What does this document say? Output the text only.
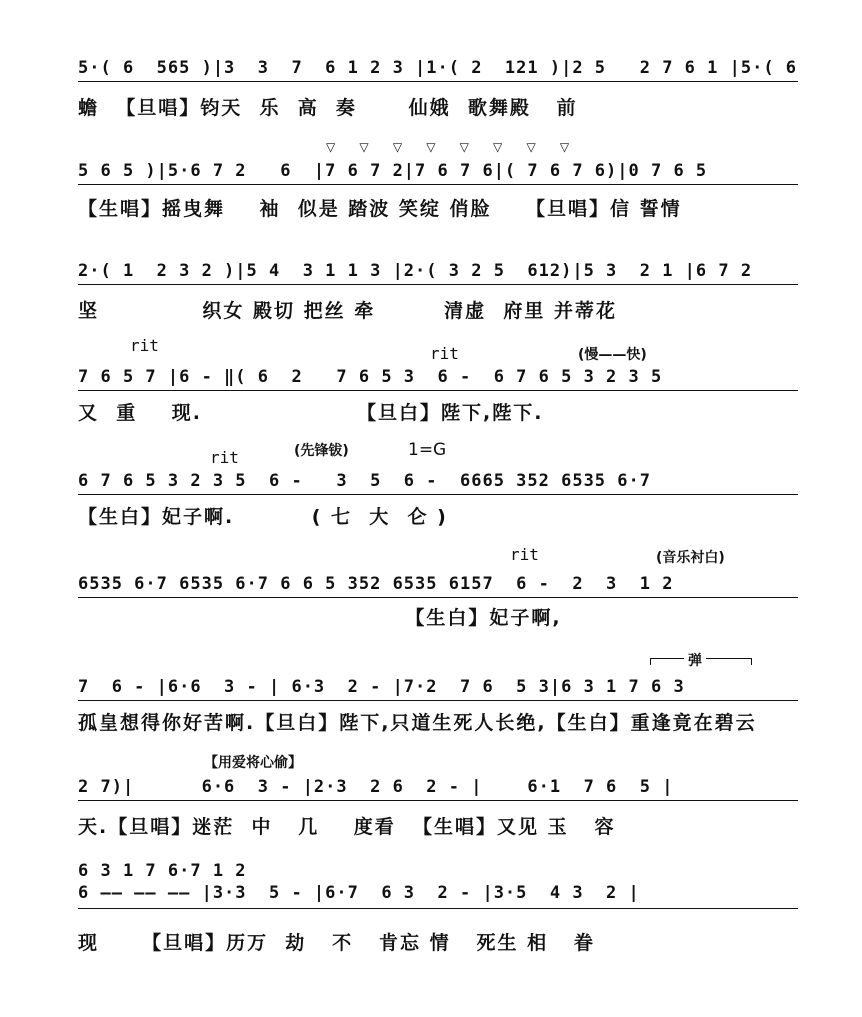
5·( 6  565 )|3  3  7  6 1 2 3 |1·( 2  121 )|2 5   2 7 6 1 |5·( 6
蟾  【旦唱】钧天  乐  高  奏      仙娥  歌舞殿   前
▽ ▽ ▽ ▽ ▽ ▽ ▽ ▽
5 6 5 )|5·6 7 2   6  |7 6 7 2|7 6 7 6|( 7 6 7 6)|0 7 6 5
【生唱】摇曳舞    袖  似是 踏波 笑绽 俏脸    【旦唱】信 誓情
2·( 1  2 3 2 )|5 4  3 1 1 3 |2·( 3 2 5  612)|5 3  2 1 |6 7 2
坚            织女 殿切 把丝 牵        清虚  府里 并蒂花
rit	rit	(慢——快)
7 6 5 7 |6 - ‖( 6  2   7 6 5 3  6 -  6 7 6 5 3 2 3 5
又  重    现.                  【旦白】陛下,陛下.
rit	(先锋钹)	1=G
6 7 6 5 3 2 3 5  6 -   3  5  6 -  6665 352 6535 6·7
【生白】妃子啊.         ( 七  大  仑 )
rit	(音乐衬白)
6535 6·7 6535 6·7 6 6 5 352 6535 6157  6 -  2  3  1 2
【生白】妃子啊,
弹
7  6 - |6·6  3 - | 6·3  2 - |7·2  7 6  5 3|6 3 1 7 6 3
孤皇想得你好苦啊.【旦白】陛下,只道生死人长绝,【生白】重逢竟在碧云
【用爱将心偷】
2 7)|      6·6  3 - |2·3  2 6  2 - |    6·1  7 6  5 |
天.【旦唱】迷茫  中   几    度看  【生唱】又见 玉   容
6 3 1 7 6·7 1 2
6 —— —— —— |3·3  5 - |6·7  6 3  2 - |3·5  4 3  2 |
现     【旦唱】历万  劫   不   肯忘 情   死生 相   眷
